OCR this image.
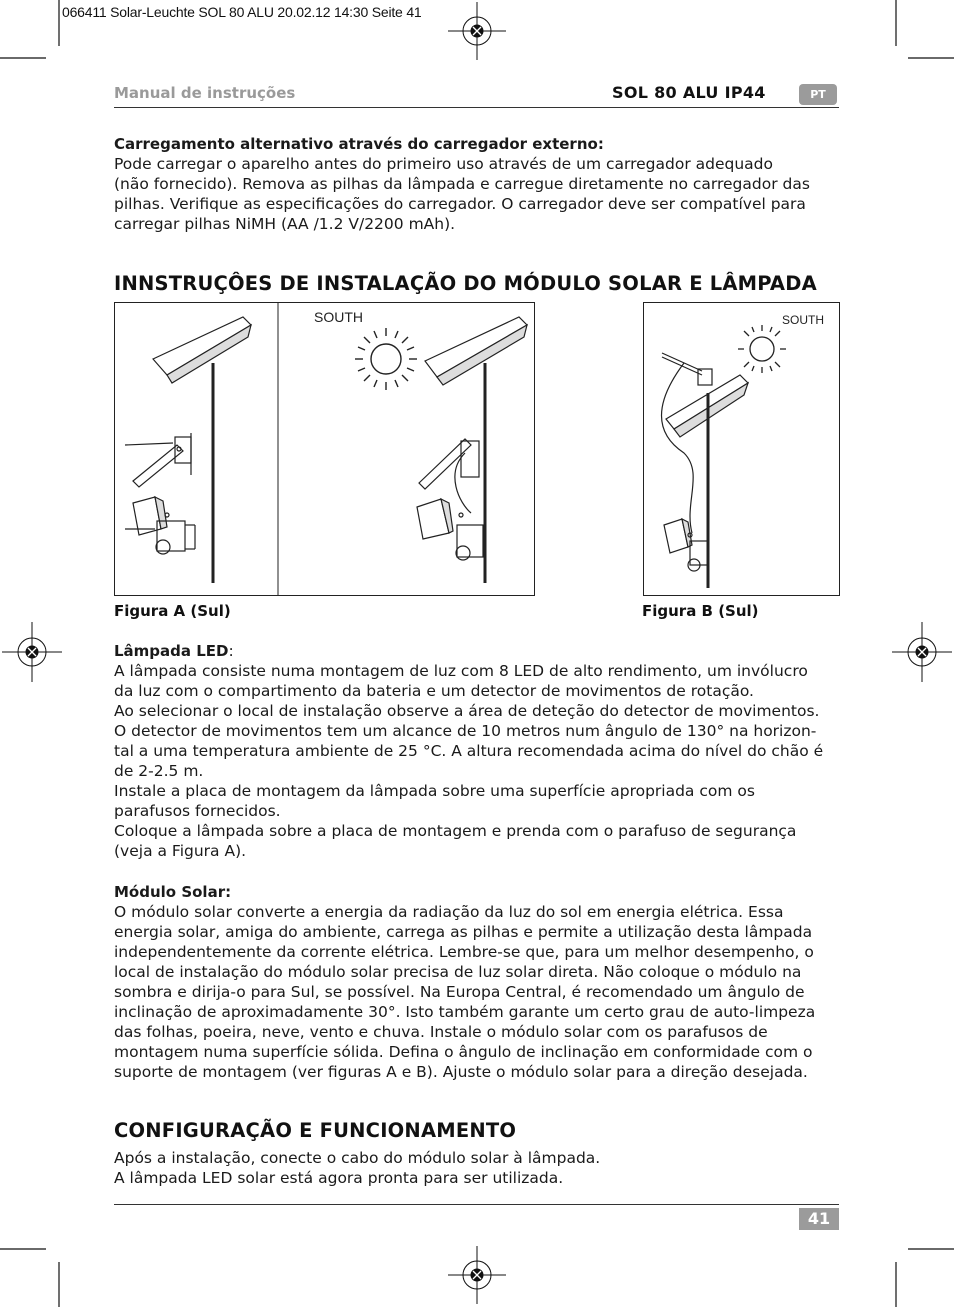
066411 Solar-Leuchte SOL 80 ALU 20.02.12 14:30 Seite 41
Manual de instruções	SOL 80 ALU IP44	PT
Carregamento alternativo através do carregador externo:

Pode carregar o aparelho antes do primeiro uso através de um carregador adequado
(não fornecido). Remova as pilhas da lâmpada e carregue diretamente no carregador das
pilhas. Verifique as especificações do carregador. O carregador deve ser compatível para
carregar pilhas NiMH (AA /1.2 V/2200 mAh).

INNSTRUÇÔES DE INSTALAÇÃO DO MÓDULO SOLAR E LÂMPADA
SOUTH	SOUTH
Figura A (Sul)	Figura B (Sul)
Lâmpada LED:

A lâmpada consiste numa montagem de luz com 8 LED de alto rendimento, um invólucro
da luz com o compartimento da bateria e um detector de movimentos de rotação.
Ao selecionar o local de instalação observe a área de deteção do detector de movimentos.
O detector de movimentos tem um alcance de 10 metros num ângulo de 130° na horizon-
tal a uma temperatura ambiente de 25 °C. A altura recomendada acima do nível do chão é
de 2-2.5 m.
Instale a placa de montagem da lâmpada sobre uma superfície apropriada com os
parafusos fornecidos.
Coloque a lâmpada sobre a placa de montagem e prenda com o parafuso de segurança
(veja a Figura A).

Módulo Solar:

O módulo solar converte a energia da radiação da luz do sol em energia elétrica. Essa
energia solar, amiga do ambiente, carrega as pilhas e permite a utilização desta lâmpada
independentemente da corrente elétrica. Lembre-se que, para um melhor desempenho, o
local de instalação do módulo solar precisa de luz solar direta. Não coloque o módulo na
sombra e dirija-o para Sul, se possível. Na Europa Central, é recomendado um ângulo de
inclinação de aproximadamente 30°. Isto também garante um certo grau de auto-limpeza
das folhas, poeira, neve, vento e chuva. Instale o módulo solar com os parafusos de
montagem numa superfície sólida. Defina o ângulo de inclinação em conformidade com o
suporte de montagem (ver figuras A e B). Ajuste o módulo solar para a direção desejada.

CONFIGURAÇÃO E FUNCIONAMENTO

Após a instalação, conecte o cabo do módulo solar à lâmpada.
A lâmpada LED solar está agora pronta para ser utilizada.

41
